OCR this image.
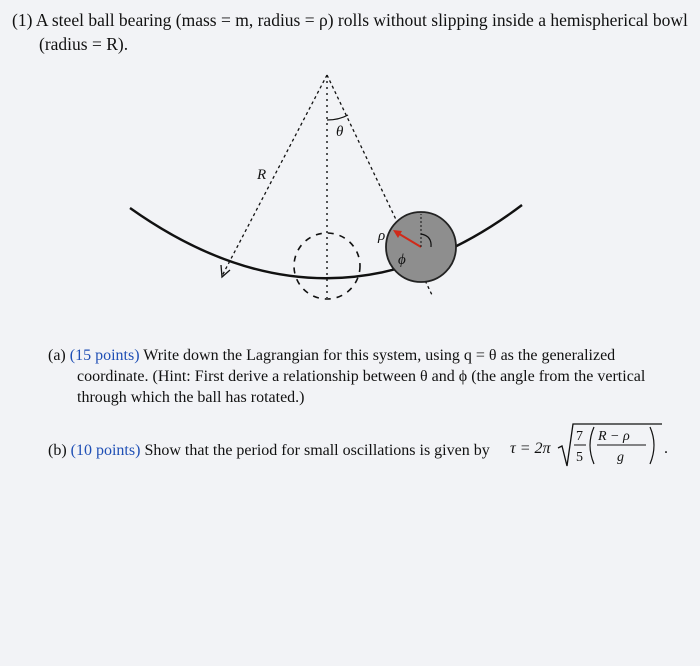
(1) A steel ball bearing (mass = m, radius = ρ) rolls without slipping inside a hemispherical bowl
(radius = R).
θ
R
ρ
ϕ
(a) (15 points) Write down the Lagrangian for this system, using q = θ as the generalized
coordinate. (Hint: First derive a relationship between θ and ϕ (the angle from the vertical
through which the ball has rotated.)
(b) (10 points) Show that the period for small oscillations is given by	τ = 2π
7
5
R − ρ
g
.
